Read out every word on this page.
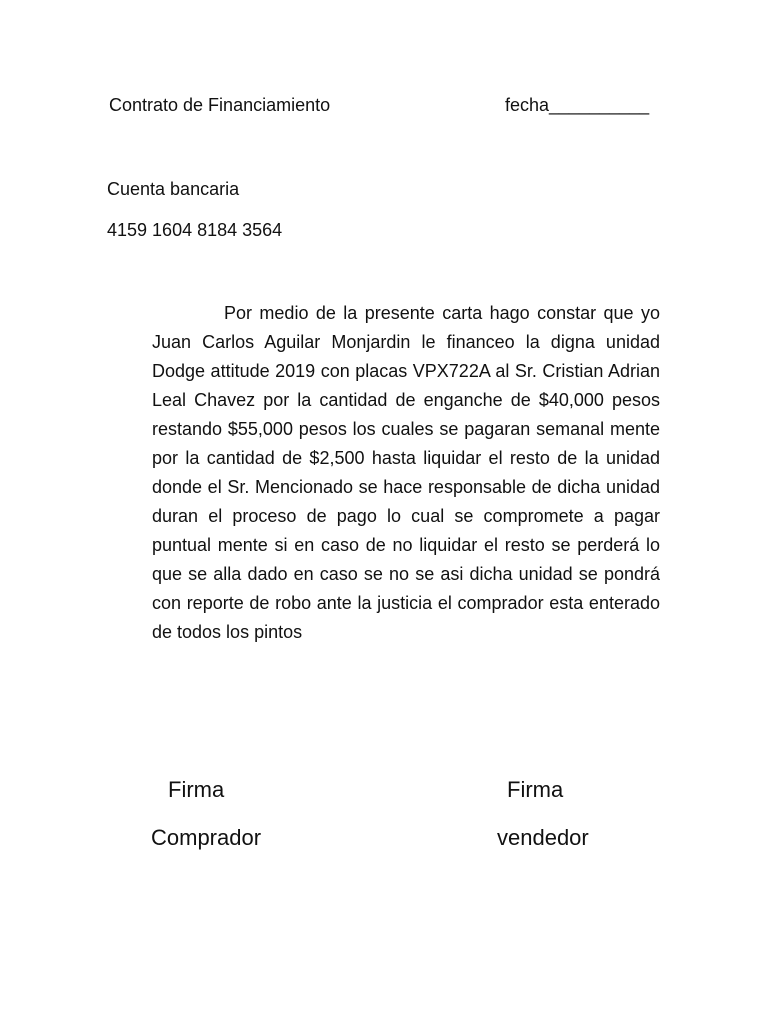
Contrato de Financiamiento	fecha__________
Cuenta bancaria
4159 1604 8184 3564
Por medio de la presente carta hago constar que yo Juan Carlos Aguilar Monjardin le financeo la digna unidad Dodge attitude 2019 con placas VPX722A al Sr. Cristian Adrian Leal Chavez por la cantidad de enganche de $40,000 pesos restando $55,000 pesos los cuales se pagaran semanal mente por la cantidad de $2,500 hasta liquidar el resto de la unidad donde el Sr. Mencionado se hace responsable de dicha unidad duran el proceso de pago lo cual se compromete a pagar puntual mente si en caso de no liquidar el resto se perderá lo que se alla dado en caso se no se asi dicha unidad se pondrá con reporte de robo ante la justicia el comprador esta enterado de todos los pintos
Firma	Firma
Comprador	vendedor
